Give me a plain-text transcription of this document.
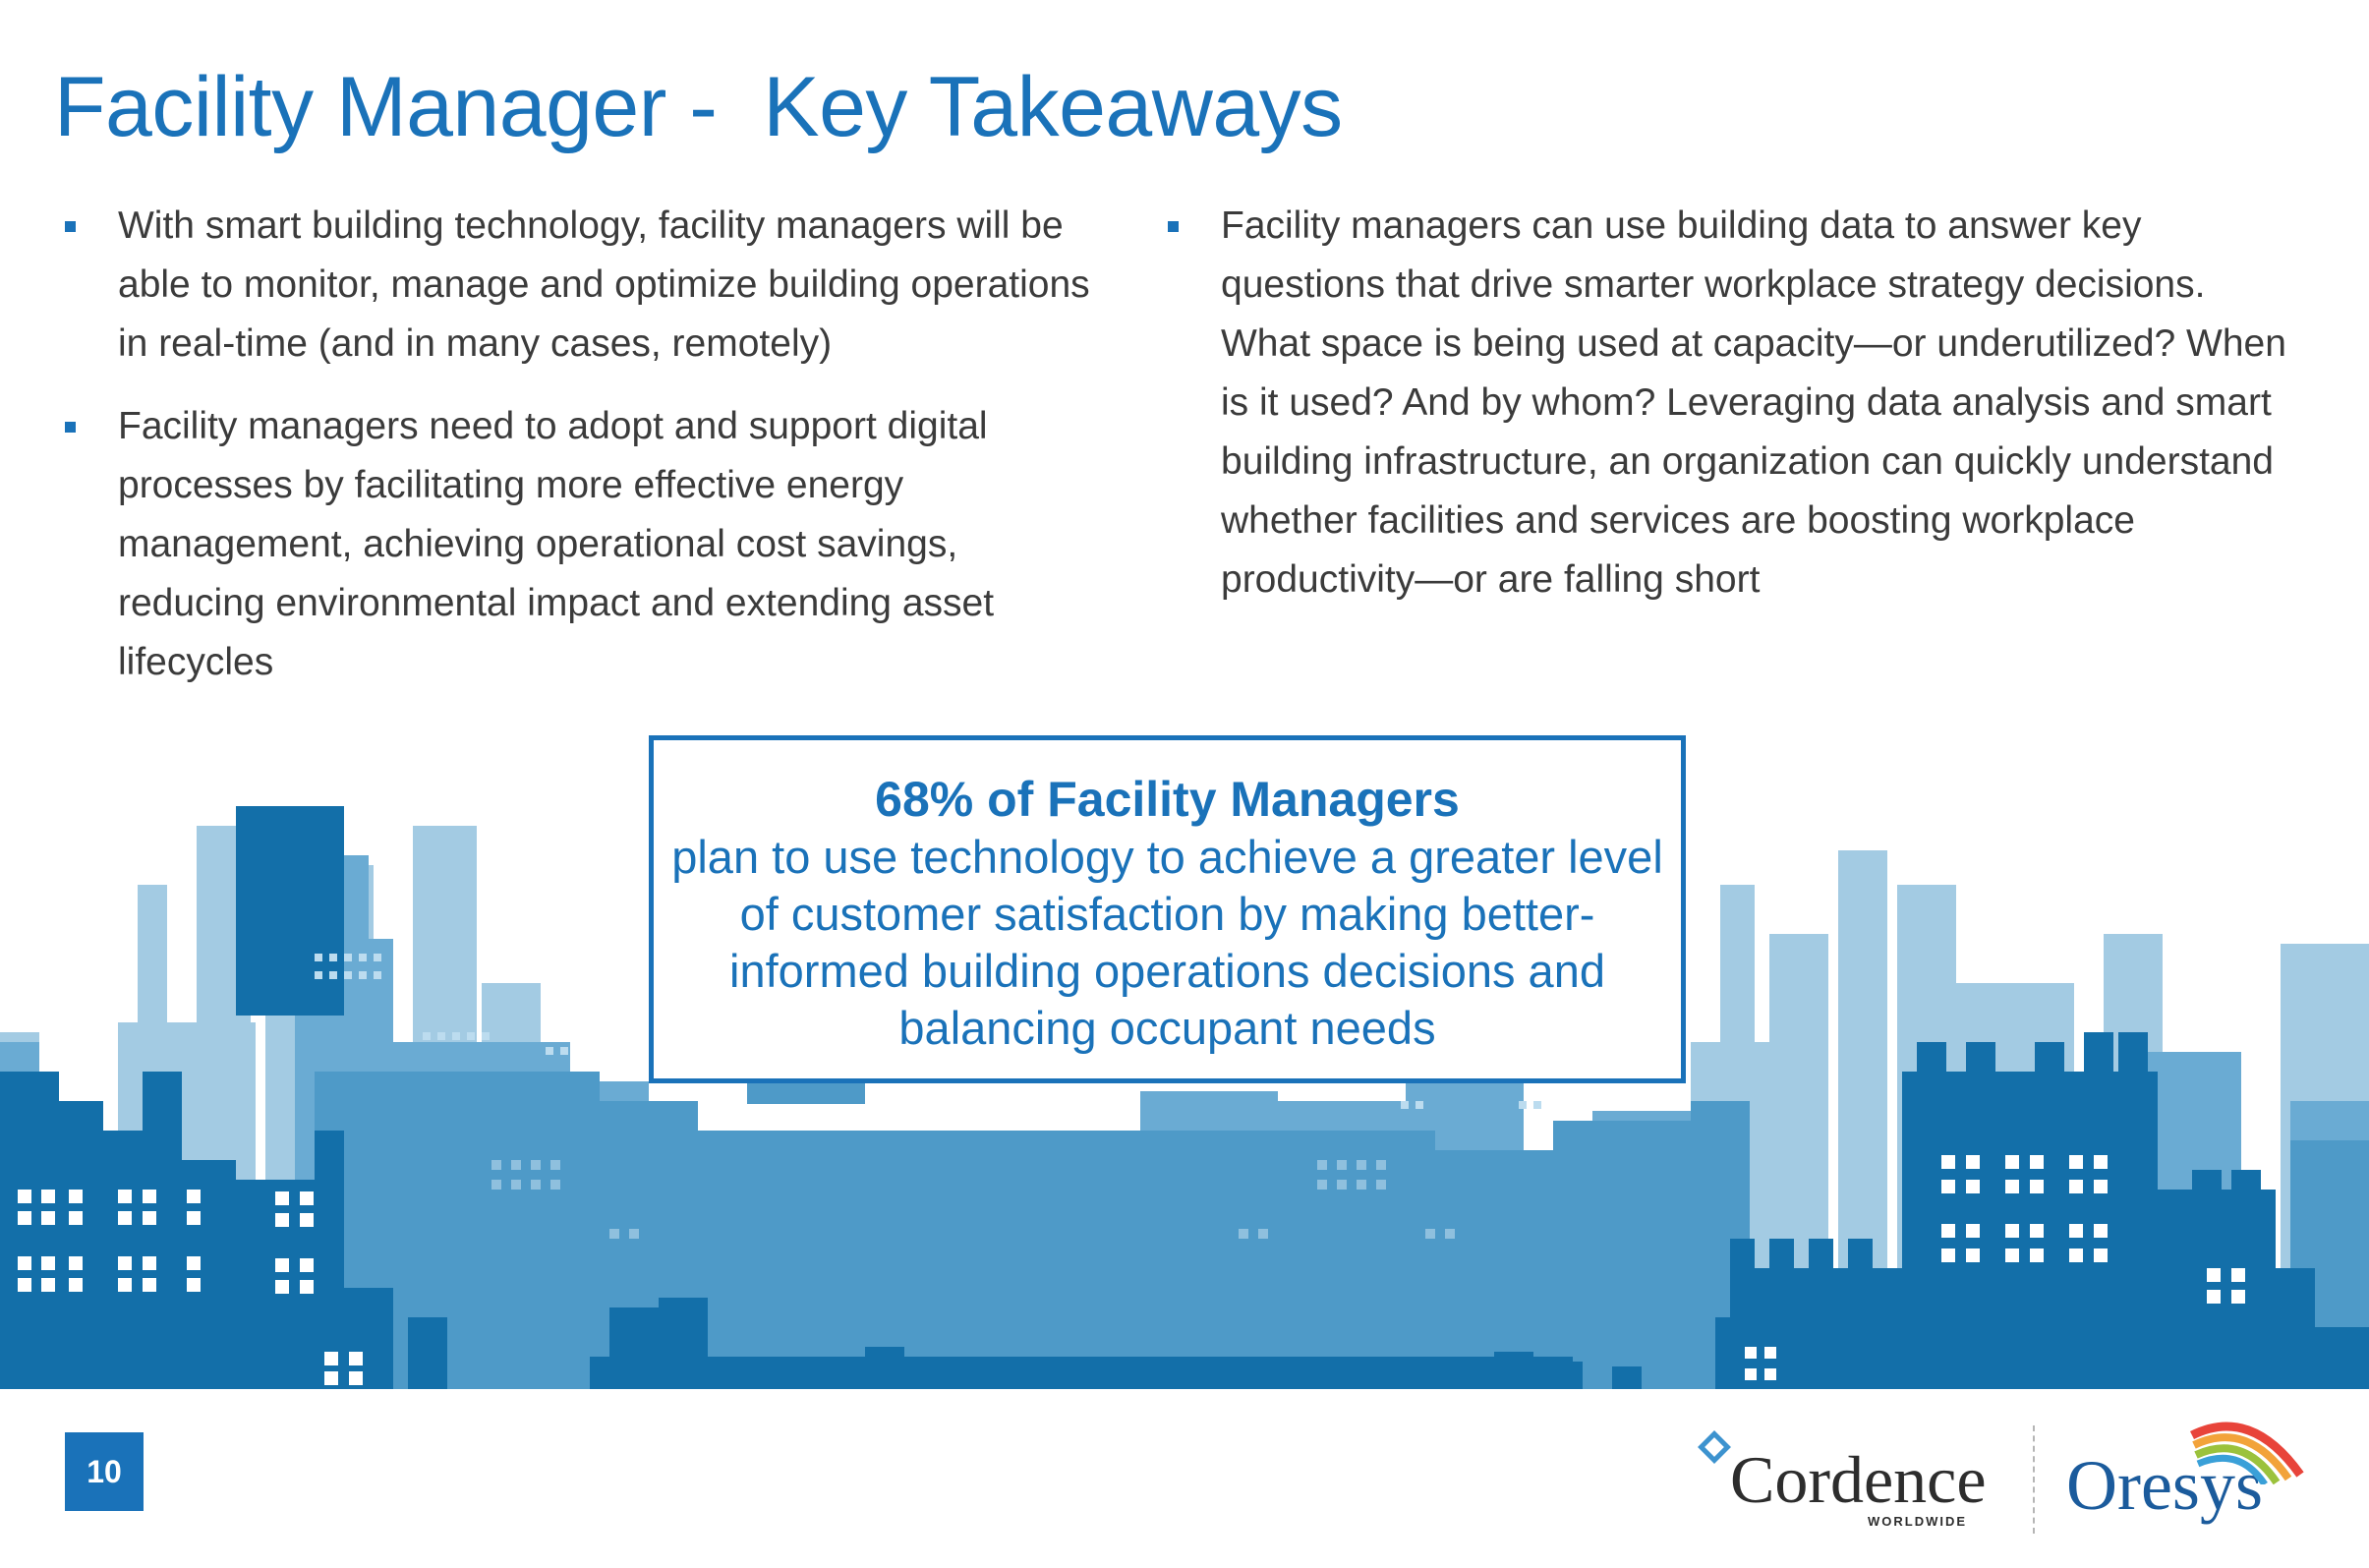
Facility Manager -  Key Takeaways
With smart building technology, facility managers will be able to monitor, manage and optimize building operations in real-time (and in many cases, remotely)
Facility managers need to adopt and support digital processes by facilitating more effective energy management, achieving operational cost savings, reducing environmental impact and extending asset lifecycles
Facility managers can use building data to answer key questions that drive smarter workplace strategy decisions. What space is being used at capacity—or underutilized? When is it used? And by whom? Leveraging data analysis and smart building infrastructure, an organization can quickly understand whether facilities and services are boosting workplace productivity—or are falling short
68% of Facility Managers
plan to use technology to achieve a greater level of customer satisfaction by making better-informed building operations decisions and balancing occupant needs
10	Cordence
WORLDWIDE Oresys
